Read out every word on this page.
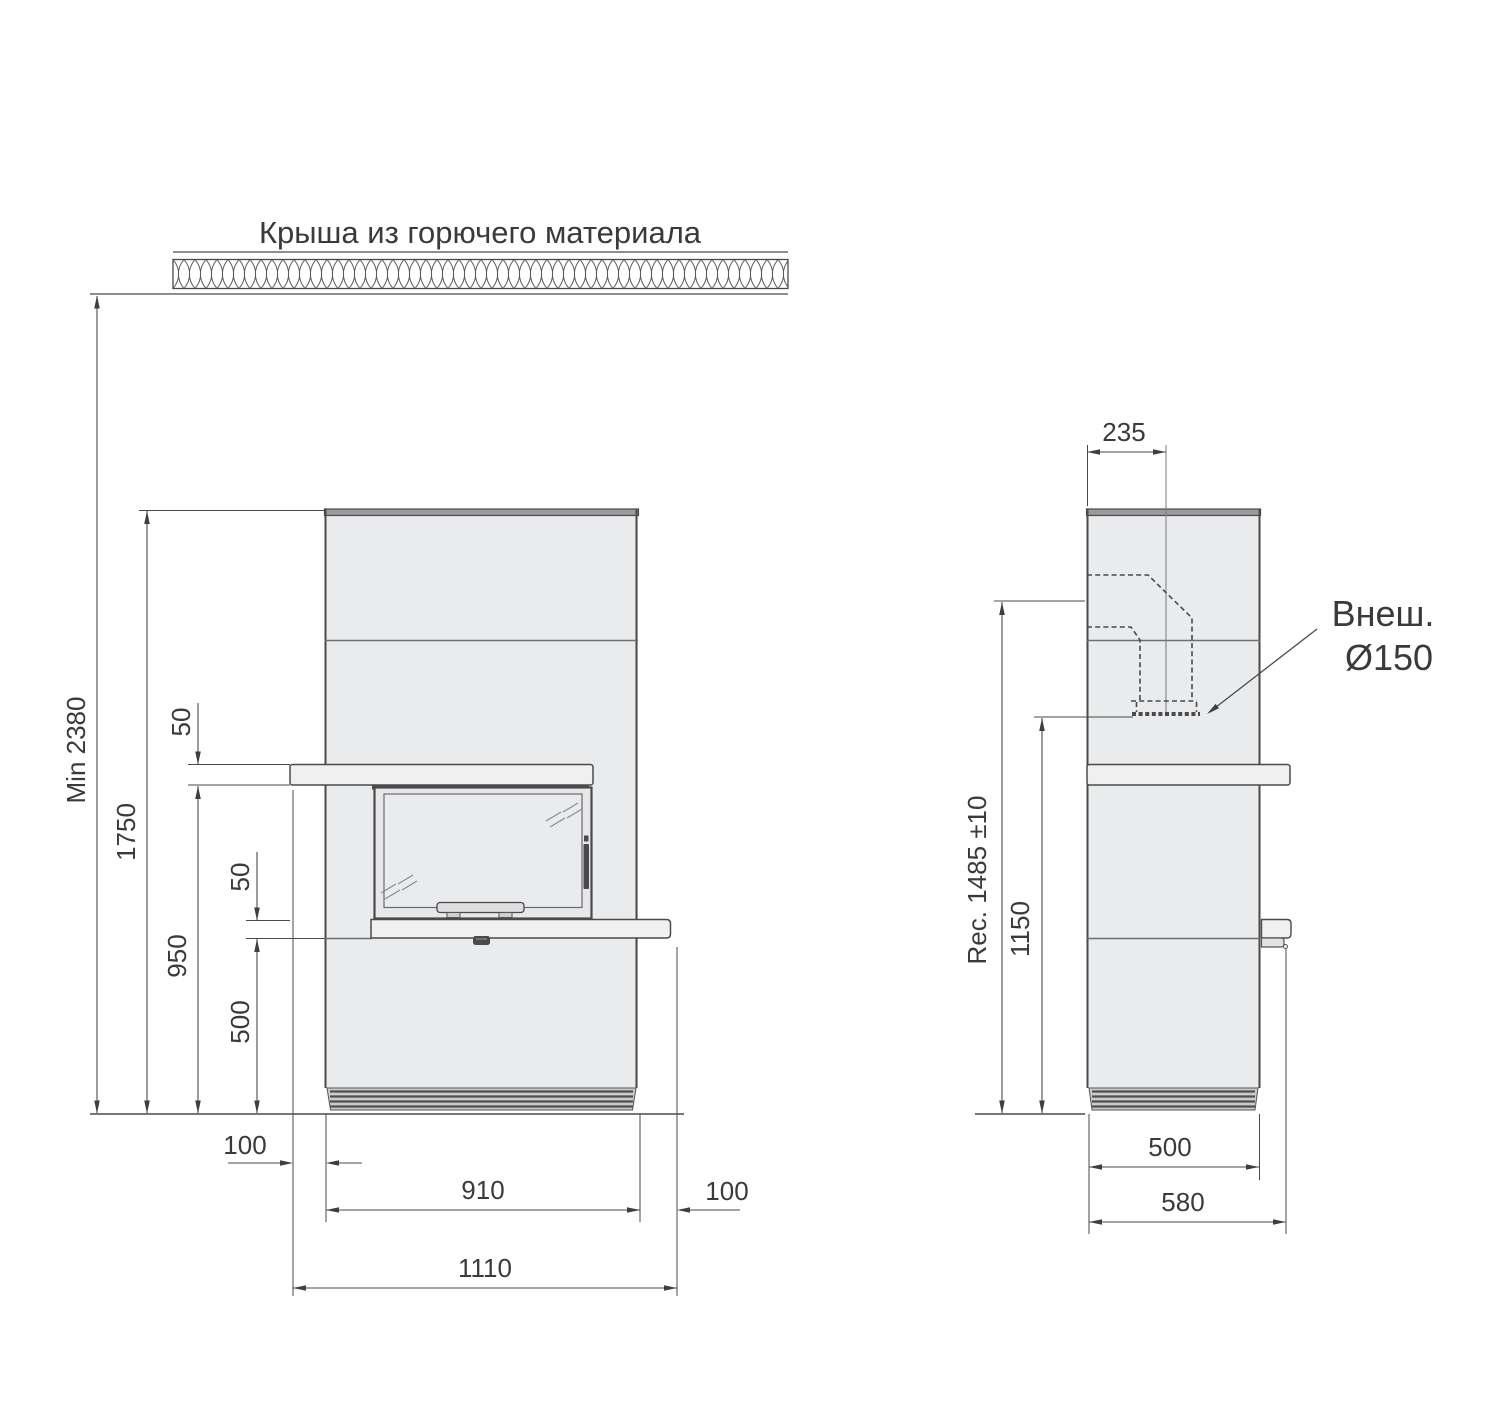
Крыша из горючего материала
Min 2380
1750
50
950
50
500
100
910	100
1110
235
Rec. 1485 ±10 1150
500
580
Внеш.
Ø150
